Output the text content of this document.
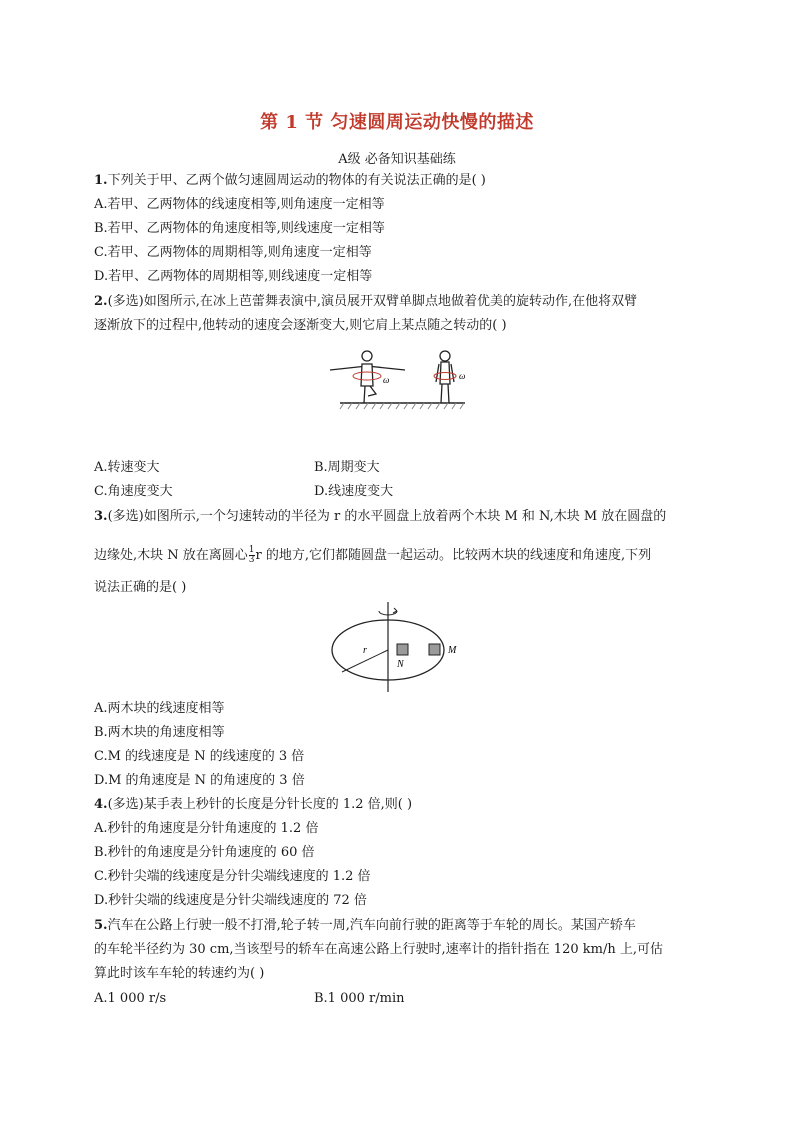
第 1 节 匀速圆周运动快慢的描述
A级 必备知识基础练
1.下列关于甲、乙两个做匀速圆周运动的物体的有关说法正确的是( )
A.若甲、乙两物体的线速度相等,则角速度一定相等
B.若甲、乙两物体的角速度相等,则线速度一定相等
C.若甲、乙两物体的周期相等,则角速度一定相等
D.若甲、乙两物体的周期相等,则线速度一定相等
2.(多选)如图所示,在冰上芭蕾舞表演中,演员展开双臂单脚点地做着优美的旋转动作,在他将双臂
逐渐放下的过程中,他转动的速度会逐渐变大,则它肩上某点随之转动的( )
ω	ω
A.转速变大	B.周期变大
C.角速度变大	D.线速度变大
3.(多选)如图所示,一个匀速转动的半径为 r 的水平圆盘上放着两个木块 M 和 N,木块 M 放在圆盘的
边缘处,木块 N 放在离圆心 $\frac{1}{3}$ r 的地方,它们都随圆盘一起运动。比较两木块的线速度和角速度,下列
说法正确的是( )
r
N
M
A.两木块的线速度相等
B.两木块的角速度相等
C.M 的线速度是 N 的线速度的 3 倍
D.M 的角速度是 N 的角速度的 3 倍
4.(多选)某手表上秒针的长度是分针长度的 1.2 倍,则( )
A.秒针的角速度是分针角速度的 1.2 倍
B.秒针的角速度是分针角速度的 60 倍
C.秒针尖端的线速度是分针尖端线速度的 1.2 倍
D.秒针尖端的线速度是分针尖端线速度的 72 倍
5.汽车在公路上行驶一般不打滑,轮子转一周,汽车向前行驶的距离等于车轮的周长。某国产轿车
的车轮半径约为 30 cm,当该型号的轿车在高速公路上行驶时,速率计的指针指在 120 km/h 上,可估
算此时该车车轮的转速约为( )
A.1 000 r/s	B.1 000 r/min
